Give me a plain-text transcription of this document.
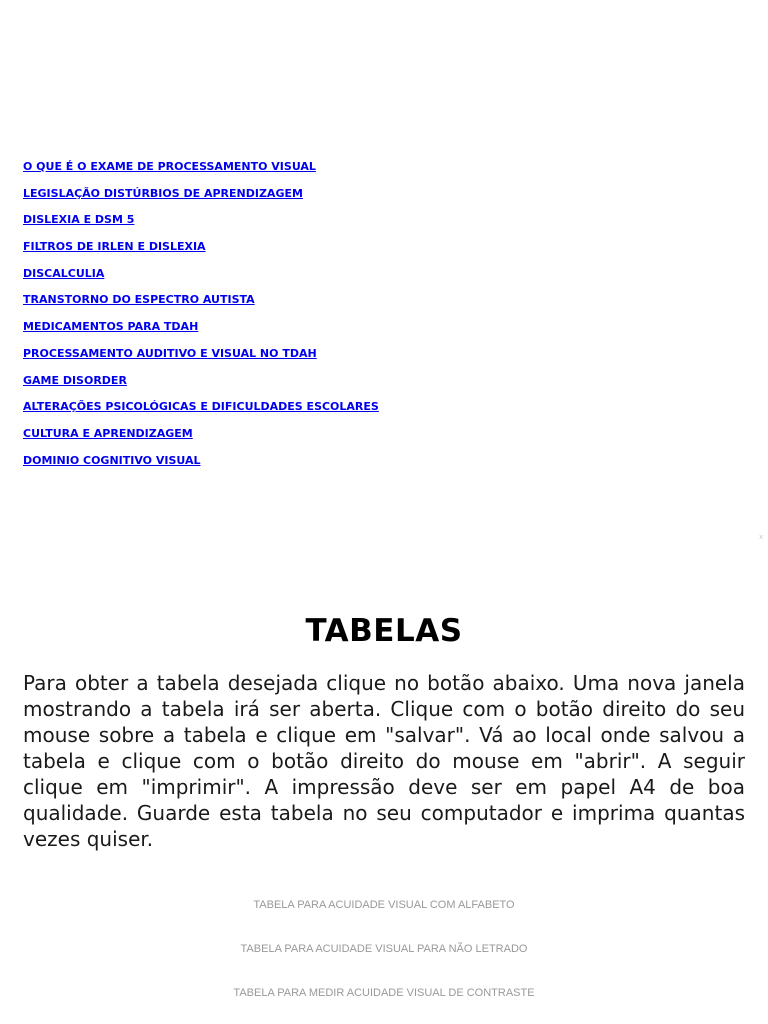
O QUE É O EXAME DE PROCESSAMENTO VISUAL
LEGISLAÇÃO DISTÚRBIOS DE APRENDIZAGEM
DISLEXIA E DSM 5
FILTROS DE IRLEN E DISLEXIA
DISCALCULIA
TRANSTORNO DO ESPECTRO AUTISTA
MEDICAMENTOS PARA TDAH
PROCESSAMENTO AUDITIVO E VISUAL NO TDAH
GAME DISORDER
ALTERAÇÕES PSICOLÓGICAS E DIFICULDADES ESCOLARES
CULTURA E APRENDIZAGEM
DOMINIO COGNITIVO VISUAL
x
TABELAS

Para obter a tabela desejada clique no botão abaixo. Uma nova janela mostrando a tabela irá ser aberta. Clique com o botão direito do seu mouse sobre a tabela e clique em "salvar". Vá ao local onde salvou a tabela e clique com o botão direito do mouse em "abrir". A seguir clique em "imprimir". A impressão deve ser em papel A4 de boa qualidade. Guarde esta tabela no seu computador e imprima quantas vezes quiser.

TABELA PARA ACUIDADE VISUAL COM ALFABETO
TABELA PARA ACUIDADE VISUAL PARA NÃO LETRADO
TABELA PARA MEDIR ACUIDADE VISUAL DE CONTRASTE
